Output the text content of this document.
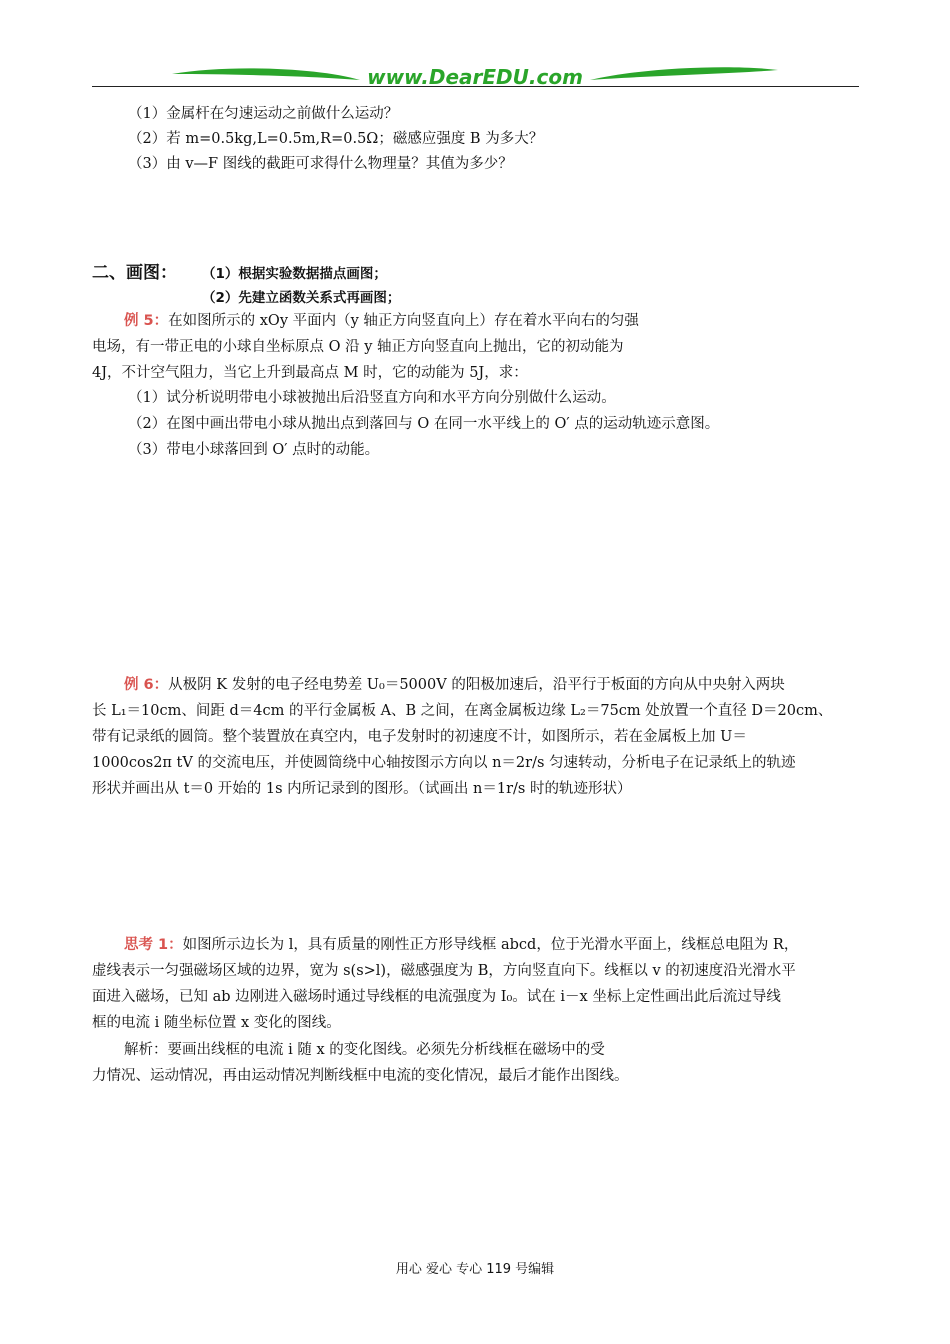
www.DearEDU.com
（1）金属杆在匀速运动之前做什么运动？
（2）若 m=0.5kg,L=0.5m,R=0.5Ω；磁感应强度 B 为多大？
（3）由 v—F 图线的截距可求得什么物理量？其值为多少？
二、画图： （1）根据实验数据描点画图；
（2）先建立函数关系式再画图；
例 5：在如图所示的 xOy 平面内（y 轴正方向竖直向上）存在着水平向右的匀强
电场，有一带正电的小球自坐标原点 O 沿 y 轴正方向竖直向上抛出，它的初动能为
4J，不计空气阻力，当它上升到最高点 M 时，它的动能为 5J，求：
（1）试分析说明带电小球被抛出后沿竖直方向和水平方向分别做什么运动。
（2）在图中画出带电小球从抛出点到落回与 O 在同一水平线上的 O′ 点的运动轨迹示意图。
（3）带电小球落回到 O′ 点时的动能。
例 6：从极阴 K 发射的电子经电势差 U₀＝5000V 的阳极加速后，沿平行于板面的方向从中央射入两块
长 L₁＝10cm、间距 d＝4cm 的平行金属板 A、B 之间，在离金属板边缘 L₂＝75cm 处放置一个直径 D＝20cm、
带有记录纸的圆筒。整个装置放在真空内，电子发射时的初速度不计，如图所示，若在金属板上加 U＝
1000cos2π tV 的交流电压，并使圆筒绕中心轴按图示方向以 n＝2r/s 匀速转动，分析电子在记录纸上的轨迹
形状并画出从 t＝0 开始的 1s 内所记录到的图形。（试画出 n＝1r/s 时的轨迹形状）
思考 1：如图所示边长为 l，具有质量的刚性正方形导线框 abcd，位于光滑水平面上，线框总电阻为 R，
虚线表示一匀强磁场区域的边界，宽为 s(s>l)，磁感强度为 B，方向竖直向下。线框以 v 的初速度沿光滑水平
面进入磁场，已知 ab 边刚进入磁场时通过导线框的电流强度为 I₀。试在 i－x 坐标上定性画出此后流过导线
框的电流 i 随坐标位置 x 变化的图线。
解析：要画出线框的电流 i 随 x 的变化图线。必须先分析线框在磁场中的受
力情况、运动情况，再由运动情况判断线框中电流的变化情况，最后才能作出图线。
用心 爱心 专心 119 号编辑
